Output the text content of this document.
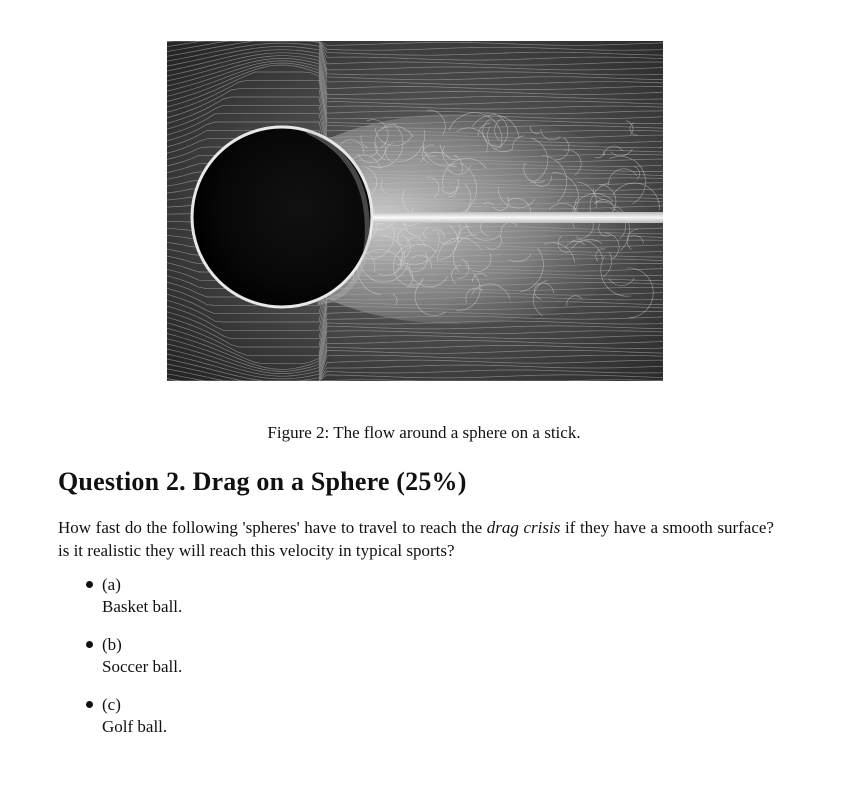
Figure 2: The flow around a sphere on a stick.
Question 2. Drag on a Sphere (25%)

How fast do the following 'spheres' have to travel to reach the drag crisis if they have a smooth surface? is it realistic they will reach this velocity in typical sports?

(a)
Basket ball.
(b)
Soccer ball.
(c)
Golf ball.
